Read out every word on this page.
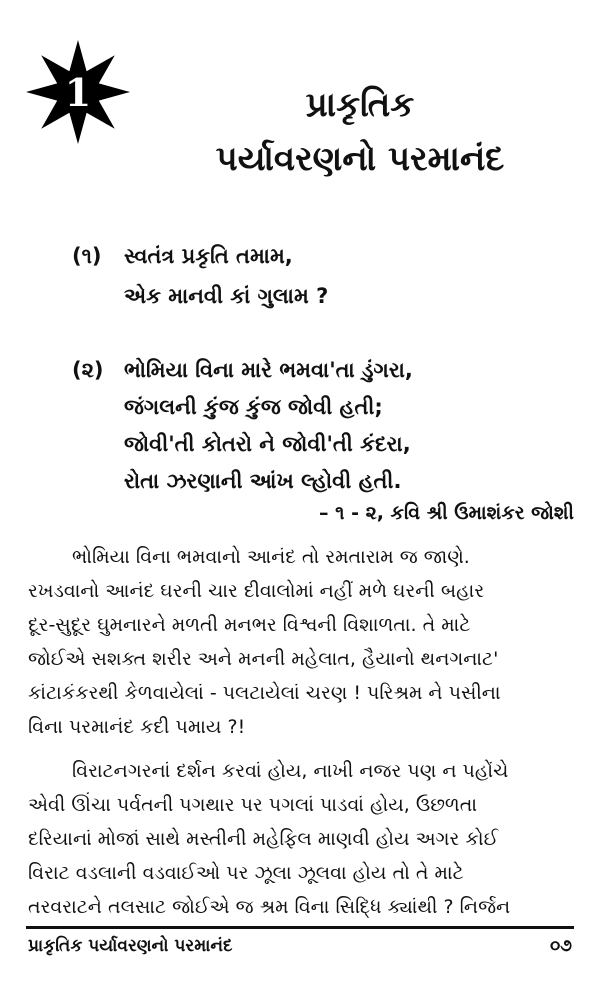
1	પ્રાકૃતિક
પર્યાવરણનો પરમાનંદ
(૧) સ્વતંત્ર પ્રકૃતિ તમામ,
એક માનવી કાં ગુલામ ?
(૨) ભોમિયા વિના મારે ભમવા'તા ડુંગરા,
જંગલની કુંજ કુંજ જોવી હતી;
જોવી'તી કોતરો ને જોવી'તી કંદરા,
રોતા ઝરણાની આંખ લ્હોવી હતી.
– ૧ - ૨, કવિ શ્રી ઉમાશંકર જોશી
ભોમિયા વિના ભમવાનો આનંદ તો રમતારામ જ જાણે.
રખડવાનો આનંદ ઘરની ચાર દીવાલોમાં નહીં મળે ઘરની બહાર
દૂર-સુદૂર ઘુમનારને મળતી મનભર વિશ્વની વિશાળતા. તે માટે
જોઈએ સશક્ત શરીર અને મનની મહેલાત, હૈયાનો થનગનાટ'
કાંટાકંકરથી કેળવાયેલાં - પલટાયેલાં ચરણ ! પરિશ્રમ ને પસીના
વિના પરમાનંદ કદી પમાય ?!
વિરાટનગરનાં દર્શન કરવાં હોય, નાખી નજર પણ ન પહોંચે
એવી ઊંચા પર્વતની પગથાર પર પગલાં પાડવાં હોય, ઉછળતા
દરિયાનાં મોજાં સાથે મસ્તીની મહેફિલ માણવી હોય અગર કોઈ
વિરાટ વડલાની વડવાઈઓ પર ઝૂલા ઝૂલવા હોય તો તે માટે
તરવરાટને તલસાટ જોઈએ જ શ્રમ વિના સિદ્ધિ ક્યાંથી ? નિર્જન
પ્રાકૃતિક પર્યાવરણનો પરમાનંદ	૦૭
